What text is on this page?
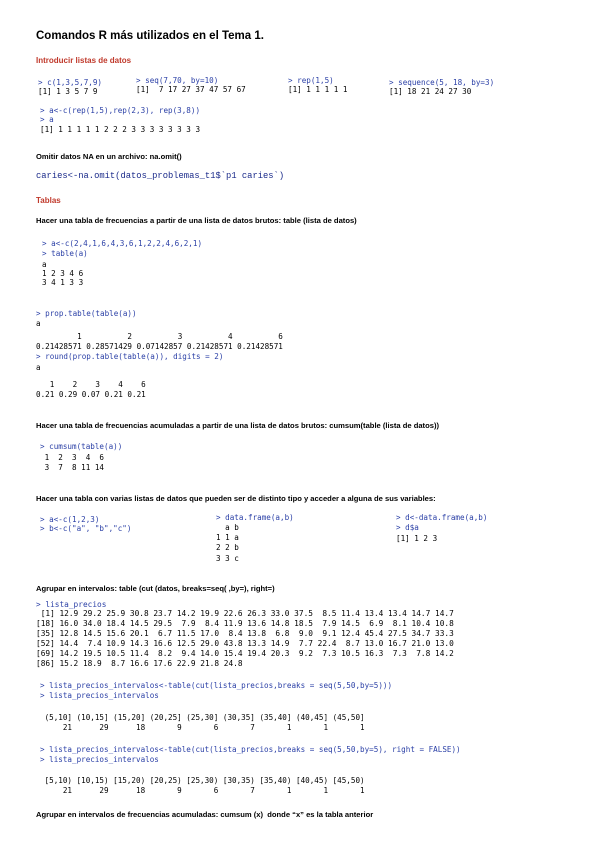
Comandos R más utilizados en el Tema 1.
Introducir listas de datos
> c(1,3,5,7,9)
[1] 1 3 5 7 9
> seq(7,70, by=10)
[1]  7 17 27 37 47 57 67
> rep(1,5)
[1] 1 1 1 1 1
> sequence(5, 18, by=3)
[1] 18 21 24 27 30
> a<-c(rep(1,5),rep(2,3), rep(3,8))
> a
[1] 1 1 1 1 1 2 2 2 3 3 3 3 3 3 3 3
Omitir datos NA en un archivo: na.omit()
caries<-na.omit(datos_problemas_t1$`p1 caries`)
Tablas
Hacer una tabla de frecuencias a partir de una lista de datos brutos: table (lista de datos)
> a<-c(2,4,1,6,4,3,6,1,2,2,4,6,2,1)
> table(a)
a
1 2 3 4 6
3 4 1 3 3
> prop.table(table(a))
a
1          2          3          4          6
0.21428571 0.28571429 0.07142857 0.21428571 0.21428571
> round(prop.table(table(a)), digits = 2)
a
1    2    3    4    6
0.21 0.29 0.07 0.21 0.21
Hacer una tabla de frecuencias acumuladas a partir de una lista de datos brutos: cumsum(table (lista de datos))
> cumsum(table(a))
1  2  3  4  6
3  7  8 11 14
Hacer una tabla con varias listas de datos que pueden ser de distinto tipo y acceder a alguna de sus variables:
> a<-c(1,2,3)
> b<-c("a", "b","c")
> data.frame(a,b)
a b
1 1 a
2 2 b
3 3 c
> d<-data.frame(a,b)
> d$a
[1] 1 2 3
Agrupar en intervalos: table (cut (datos, breaks=seq( ,by=), right=)
> lista_precios
[1] 12.9 29.2 25.9 30.8 23.7 14.2 19.9 22.6 26.3 33.0 37.5  8.5 11.4 13.4 13.4 14.7 14.7
[18] 16.0 34.0 18.4 14.5 29.5  7.9  8.4 11.9 13.6 14.8 18.5  7.9 14.5  6.9  8.1 10.4 10.8
[35] 12.8 14.5 15.6 20.1  6.7 11.5 17.0  8.4 13.8  6.8  9.0  9.1 12.4 45.4 27.5 34.7 33.3
[52] 14.4  7.4 10.9 14.3 16.6 12.5 29.0 43.8 13.3 14.9  7.7 22.4  8.7 13.0 16.7 21.0 13.0
[69] 14.2 19.5 10.5 11.4  8.2  9.4 14.0 15.4 19.4 20.3  9.2  7.3 10.5 16.3  7.3  7.8 14.2
[86] 15.2 18.9  8.7 16.6 17.6 22.9 21.8 24.8
> lista_precios_intervalos<-table(cut(lista_precios,breaks = seq(5,50,by=5)))
> lista_precios_intervalos
(5,10] (10,15] (15,20] (20,25] (25,30] (30,35] (35,40] (40,45] (45,50]
21      29      18       9       6       7       1       1       1
> lista_precios_intervalos<-table(cut(lista_precios,breaks = seq(5,50,by=5), right = FALSE))
> lista_precios_intervalos
[5,10) [10,15) [15,20) [20,25) [25,30) [30,35) [35,40) [40,45) [45,50)
21      29      18       9       6       7       1       1       1
Agrupar en intervalos de frecuencias acumuladas: cumsum (x)  donde “x” es la tabla anterior
